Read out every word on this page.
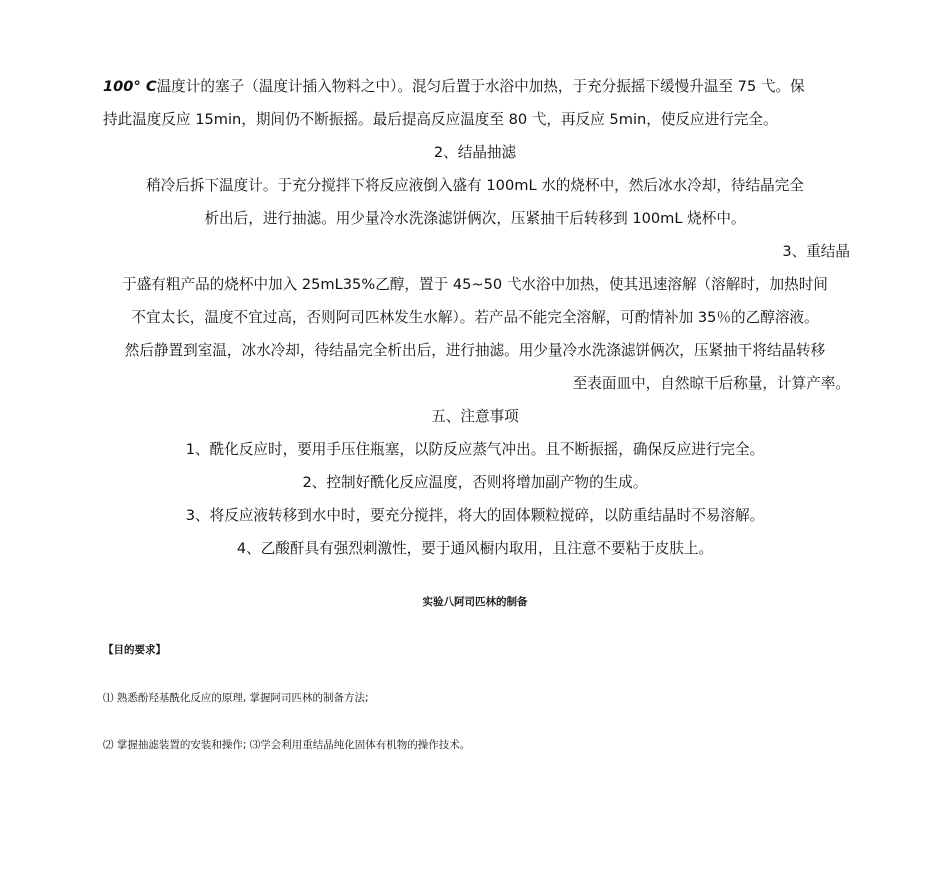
100° C温度计的塞子（温度计插入物料之中）。混匀后置于水浴中加热，于充分振摇下缓慢升温至 75 弋。保
持此温度反应 15min，期间仍不断振摇。最后提高反应温度至 80 弋，再反应 5min，使反应进行完全。
2、结晶抽滤
稍冷后拆下温度计。于充分搅拌下将反应液倒入盛有 100mL 水的烧杯中，然后冰水冷却，待结晶完全
析出后，进行抽滤。用少量冷水洗涤滤饼俩次，压紧抽干后转移到 100mL 烧杯中。
3、重结晶
于盛有粗产品的烧杯中加入 25mL35%乙醇，置于 45~50 弋水浴中加热，使其迅速溶解（溶解时，加热时间
不宜太长，温度不宜过高，否则阿司匹林发生水解）。若产品不能完全溶解，可酌情补加 35％的乙醇溶液。
然后静置到室温，冰水冷却，待结晶完全析出后，进行抽滤。用少量冷水洗涤滤饼俩次，压紧抽干将结晶转移
至表面皿中，自然晾干后称量，计算产率。
五、注意事项
1、酰化反应时，要用手压住瓶塞，以防反应蒸气冲出。且不断振摇，确保反应进行完全。
2、控制好酰化反应温度，否则将增加副产物的生成。
3、将反应液转移到水中时，要充分搅拌，将大的固体颗粒搅碎，以防重结晶时不易溶解。
4、乙酸酐具有强烈刺激性，要于通风橱内取用，且注意不要粘于皮肤上。
实验八阿司匹林的制备
【目的要求】
⑴ 熟悉酚羟基酰化反应的原理, 掌握阿司匹林的制备方法;
⑵ 掌握抽滤装置的安装和操作; ⑶学会利用重结晶纯化固体有机物的操作技术。
